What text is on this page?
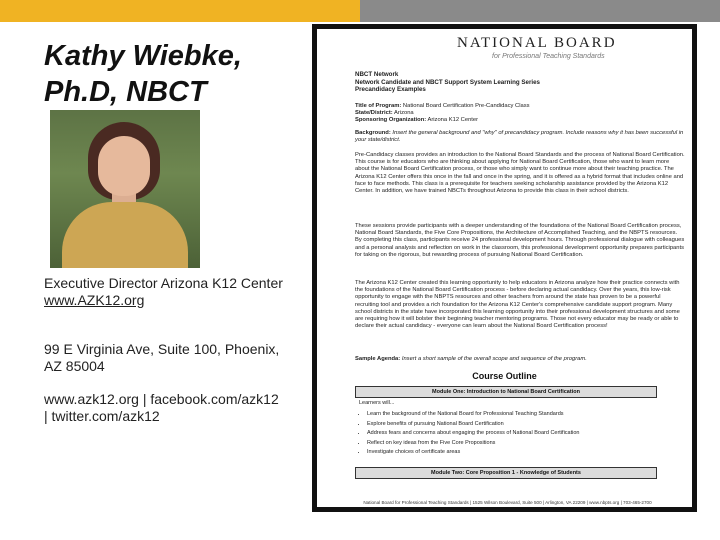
Kathy Wiebke, Ph.D, NBCT
Executive Director Arizona K12 Center
www.AZK12.org
99 E Virginia Ave, Suite 100, Phoenix, AZ 85004
www.azk12.org | facebook.com/azk12 | twitter.com/azk12
NATIONAL BOARD
for Professional Teaching Standards
NBCT Network
Network Candidate and NBCT Support System Learning Series
Precandidacy Examples
Title of Program: National Board Certification Pre-Candidacy Class
State/District: Arizona
Sponsoring Organization: Arizona K12 Center
Background: Insert the general background and "why" of precandidacy program. Include reasons why it has been successful in your state/district.
Pre-Candidacy classes provides an introduction to the National Board Standards and the process of National Board Certification. This course is for educators who are thinking about applying for National Board Certification, those who want to learn more about the National Board Certification process, or those who simply want to continue more about their teaching practice. The Arizona K12 Center offers this once in the fall and once in the spring, and it is offered as a hybrid format that includes online and face to face methods. This class is a prerequisite for teachers seeking scholarship assistance provided by the Arizona K12 Center. In addition, we have trained NBCTs throughout Arizona to provide this class in their school districts.
These sessions provide participants with a deeper understanding of the foundations of the National Board Certification process, National Board Standards, the Five Core Propositions, the Architecture of Accomplished Teaching, and the NBPTS resources. By completing this class, participants receive 24 professional development hours. Through professional dialogue with colleagues and a personal analysis and reflection on work in the classroom, this professional development opportunity prepares participants for taking on the rigorous, but rewarding process of pursuing National Board Certification.
The Arizona K12 Center created this learning opportunity to help educators in Arizona analyze how their practice connects with the foundations of the National Board Certification process - before declaring actual candidacy. Over the years, this low-risk opportunity to engage with the NBPTS resources and other teachers from around the state has proven to be a powerful recruiting tool and provides a rich foundation for the Arizona K12 Center's comprehensive candidate support program. Many school districts in the state have incorporated this learning opportunity into their professional development structures and some are requiring how it will bolster their beginning teacher mentoring programs. Those not every educator may be ready or able to declare their actual candidacy - everyone can learn about the National Board Certification process!
Sample Agenda: Insert a short sample of the overall scope and sequence of the program.
Course Outline
Module One: Introduction to National Board Certification
Learners will...
• Learn the background of the National Board for Professional Teaching Standards
• Explore benefits of pursuing National Board Certification
• Address fears and concerns about engaging the process of National Board Certification
• Reflect on key ideas from the Five Core Propositions
• Investigate choices of certificate areas
Module Two: Core Proposition 1 - Knowledge of Students
National Board for Professional Teaching Standards | 1525 Wilson Boulevard, Suite 500 | Arlington, VA 22209 | www.nbpts.org | 703-465-2700
